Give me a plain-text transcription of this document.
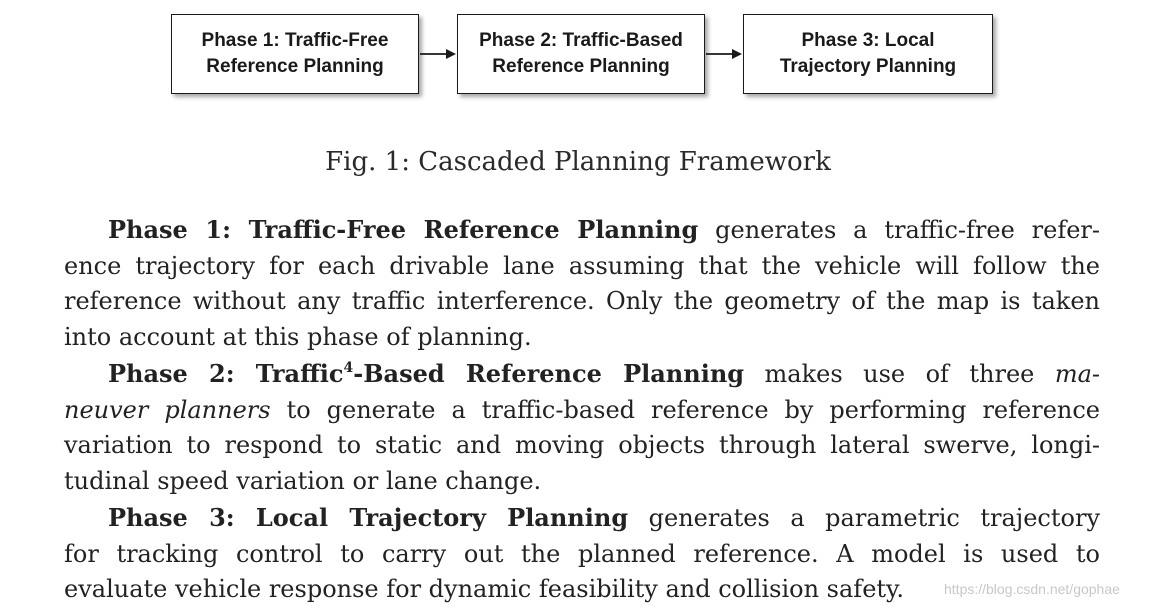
Phase 1: Traffic-Free
Reference Planning
Phase 2: Traffic-Based
Reference Planning
Phase 3: Local
Trajectory Planning
Fig. 1: Cascaded Planning Framework
Phase 1: Traffic-Free Reference Planning generates a traffic-free refer-
ence trajectory for each drivable lane assuming that the vehicle will follow the
reference without any traffic interference. Only the geometry of the map is taken
into account at this phase of planning.
Phase 2: Traffic$^4$-Based Reference Planning makes use of three ma-
neuver planners to generate a traffic-based reference by performing reference
variation to respond to static and moving objects through lateral swerve, longi-
tudinal speed variation or lane change.
Phase 3: Local Trajectory Planning generates a parametric trajectory
for tracking control to carry out the planned reference. A model is used to
evaluate vehicle response for dynamic feasibility and collision safety.	https://blog.csdn.net/gophae
